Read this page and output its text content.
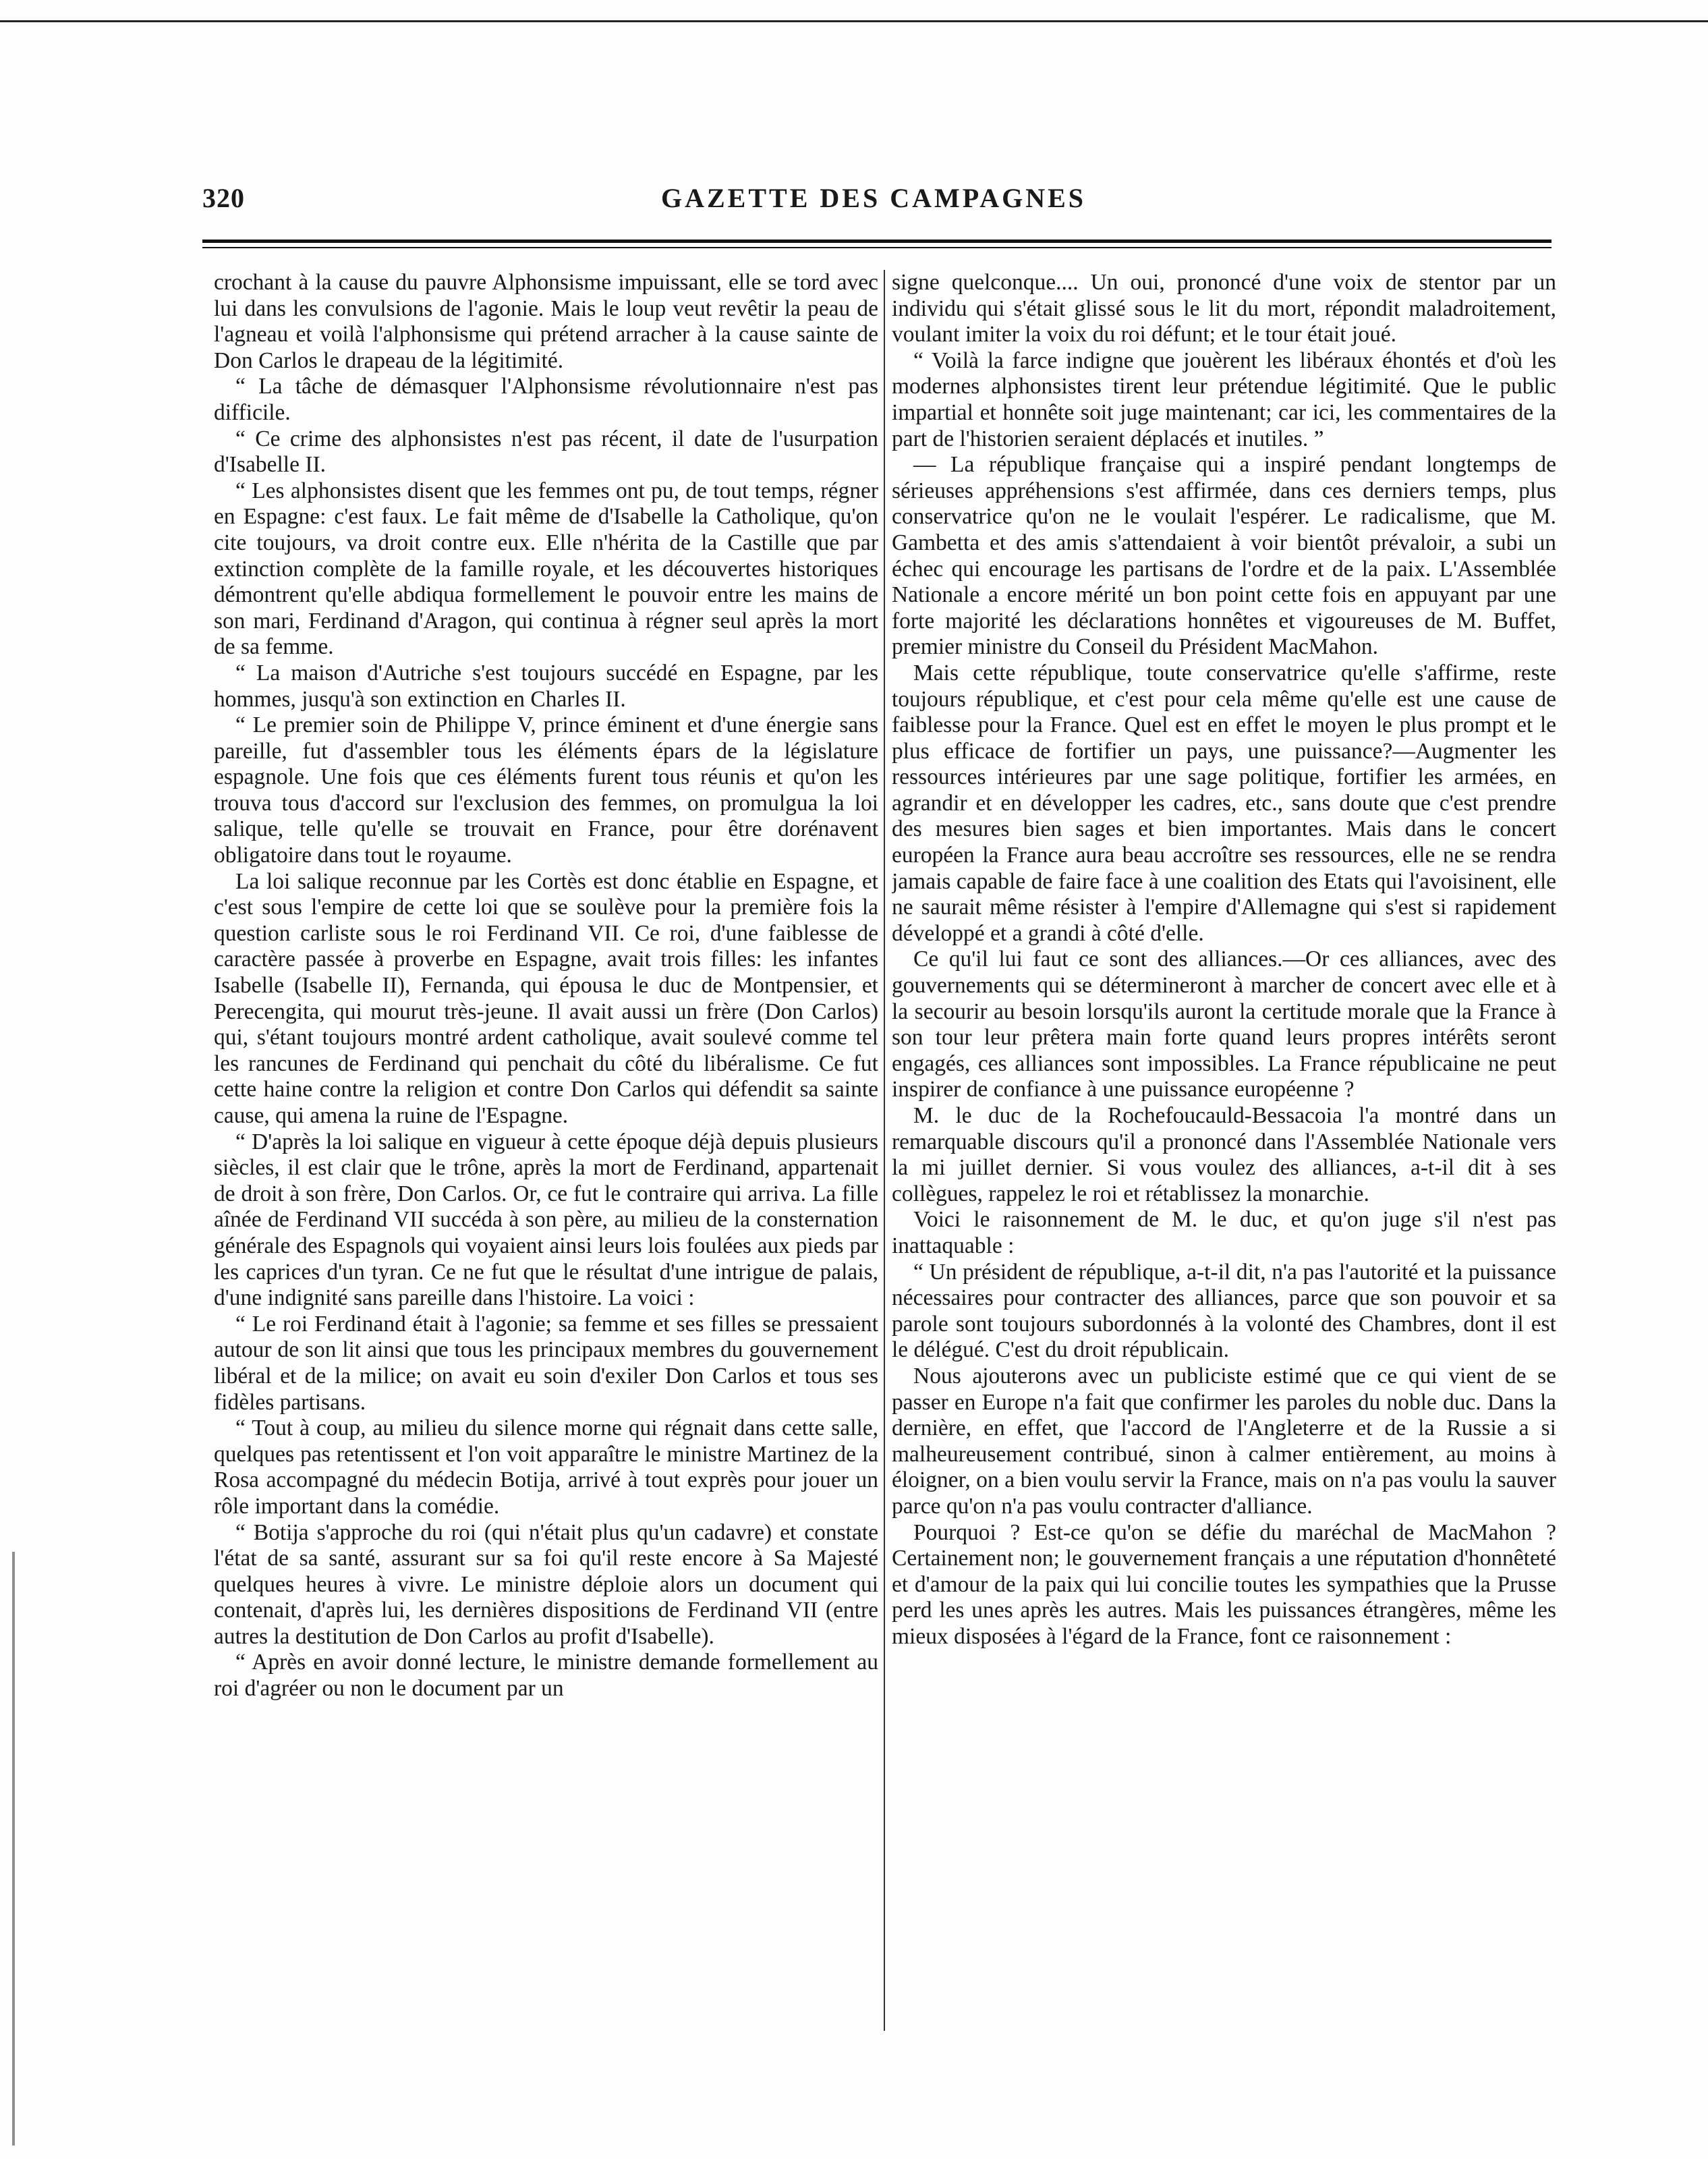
320	GAZETTE DES CAMPAGNES

crochant à la cause du pauvre Alphonsisme impuissant, elle se tord avec lui dans les convulsions de l'agonie. Mais le loup veut revêtir la peau de l'agneau et voilà l'alphonsisme qui prétend arracher à la cause sainte de Don Carlos le drapeau de la légitimité.

“ La tâche de démasquer l'Alphonsisme révolutionnaire n'est pas difficile.

“ Ce crime des alphonsistes n'est pas récent, il date de l'usurpation d'Isabelle II.

“ Les alphonsistes disent que les femmes ont pu, de tout temps, régner en Espagne: c'est faux. Le fait même de d'Isabelle la Catholique, qu'on cite toujours, va droit contre eux. Elle n'hérita de la Castille que par extinction complète de la famille royale, et les découvertes historiques démontrent qu'elle abdiqua formellement le pouvoir entre les mains de son mari, Ferdinand d'Aragon, qui continua à régner seul après la mort de sa femme.

“ La maison d'Autriche s'est toujours succédé en Espagne, par les hommes, jusqu'à son extinction en Charles II.

“ Le premier soin de Philippe V, prince éminent et d'une énergie sans pareille, fut d'assembler tous les éléments épars de la législature espagnole. Une fois que ces éléments furent tous réunis et qu'on les trouva tous d'accord sur l'exclusion des femmes, on promulgua la loi salique, telle qu'elle se trouvait en France, pour être dorénavent obligatoire dans tout le royaume.

La loi salique reconnue par les Cortès est donc établie en Espagne, et c'est sous l'empire de cette loi que se soulève pour la première fois la question carliste sous le roi Ferdinand VII. Ce roi, d'une faiblesse de caractère passée à proverbe en Espagne, avait trois filles: les infantes Isabelle (Isabelle II), Fernanda, qui épousa le duc de Montpensier, et Perecengita, qui mourut très-jeune. Il avait aussi un frère (Don Carlos) qui, s'étant toujours montré ardent catholique, avait soulevé comme tel les rancunes de Ferdinand qui penchait du côté du libéralisme. Ce fut cette haine contre la religion et contre Don Carlos qui défendit sa sainte cause, qui amena la ruine de l'Espagne.

“ D'après la loi salique en vigueur à cette époque déjà depuis plusieurs siècles, il est clair que le trône, après la mort de Ferdinand, appartenait de droit à son frère, Don Carlos. Or, ce fut le contraire qui arriva. La fille aînée de Ferdinand VII succéda à son père, au milieu de la consternation générale des Espagnols qui voyaient ainsi leurs lois foulées aux pieds par les caprices d'un tyran. Ce ne fut que le résultat d'une intrigue de palais, d'une indignité sans pareille dans l'histoire. La voici :

“ Le roi Ferdinand était à l'agonie; sa femme et ses filles se pressaient autour de son lit ainsi que tous les principaux membres du gouvernement libéral et de la milice; on avait eu soin d'exiler Don Carlos et tous ses fidèles partisans.

“ Tout à coup, au milieu du silence morne qui régnait dans cette salle, quelques pas retentissent et l'on voit apparaître le ministre Martinez de la Rosa accompagné du médecin Botija, arrivé à tout exprès pour jouer un rôle important dans la comédie.

“ Botija s'approche du roi (qui n'était plus qu'un cadavre) et constate l'état de sa santé, assurant sur sa foi qu'il reste encore à Sa Majesté quelques heures à vivre. Le ministre déploie alors un document qui contenait, d'après lui, les dernières dispositions de Ferdinand VII (entre autres la destitution de Don Carlos au profit d'Isabelle).

“ Après en avoir donné lecture, le ministre demande formellement au roi d'agréer ou non le document par un

signe quelconque.... Un oui, prononcé d'une voix de stentor par un individu qui s'était glissé sous le lit du mort, répondit maladroitement, voulant imiter la voix du roi défunt; et le tour était joué.

“ Voilà la farce indigne que jouèrent les libéraux éhontés et d'où les modernes alphonsistes tirent leur prétendue légitimité. Que le public impartial et honnête soit juge maintenant; car ici, les commentaires de la part de l'historien seraient déplacés et inutiles. ”

— La république française qui a inspiré pendant longtemps de sérieuses appréhensions s'est affirmée, dans ces derniers temps, plus conservatrice qu'on ne le voulait l'espérer. Le radicalisme, que M. Gambetta et des amis s'attendaient à voir bientôt prévaloir, a subi un échec qui encourage les partisans de l'ordre et de la paix. L'Assemblée Nationale a encore mérité un bon point cette fois en appuyant par une forte majorité les déclarations honnêtes et vigoureuses de M. Buffet, premier ministre du Conseil du Président MacMahon.

Mais cette république, toute conservatrice qu'elle s'affirme, reste toujours république, et c'est pour cela même qu'elle est une cause de faiblesse pour la France. Quel est en effet le moyen le plus prompt et le plus efficace de fortifier un pays, une puissance?—Augmenter les ressources intérieures par une sage politique, fortifier les armées, en agrandir et en développer les cadres, etc., sans doute que c'est prendre des mesures bien sages et bien importantes. Mais dans le concert européen la France aura beau accroître ses ressources, elle ne se rendra jamais capable de faire face à une coalition des Etats qui l'avoisinent, elle ne saurait même résister à l'empire d'Allemagne qui s'est si rapidement développé et a grandi à côté d'elle.

Ce qu'il lui faut ce sont des alliances.—Or ces alliances, avec des gouvernements qui se détermineront à marcher de concert avec elle et à la secourir au besoin lorsqu'ils auront la certitude morale que la France à son tour leur prêtera main forte quand leurs propres intérêts seront engagés, ces alliances sont impossibles. La France républicaine ne peut inspirer de confiance à une puissance européenne ?

M. le duc de la Rochefoucauld-Bessacoia l'a montré dans un remarquable discours qu'il a prononcé dans l'Assemblée Nationale vers la mi juillet dernier. Si vous voulez des alliances, a-t-il dit à ses collègues, rappelez le roi et rétablissez la monarchie.

Voici le raisonnement de M. le duc, et qu'on juge s'il n'est pas inattaquable :

“ Un président de république, a-t-il dit, n'a pas l'autorité et la puissance nécessaires pour contracter des alliances, parce que son pouvoir et sa parole sont toujours subordonnés à la volonté des Chambres, dont il est le délégué. C'est du droit républicain.

Nous ajouterons avec un publiciste estimé que ce qui vient de se passer en Europe n'a fait que confirmer les paroles du noble duc. Dans la dernière, en effet, que l'accord de l'Angleterre et de la Russie a si malheureusement contribué, sinon à calmer entièrement, au moins à éloigner, on a bien voulu servir la France, mais on n'a pas voulu la sauver parce qu'on n'a pas voulu contracter d'alliance.

Pourquoi ? Est-ce qu'on se défie du maréchal de MacMahon ? Certainement non; le gouvernement français a une réputation d'honnêteté et d'amour de la paix qui lui concilie toutes les sympathies que la Prusse perd les unes après les autres. Mais les puissances étrangères, même les mieux disposées à l'égard de la France, font ce raisonnement :
